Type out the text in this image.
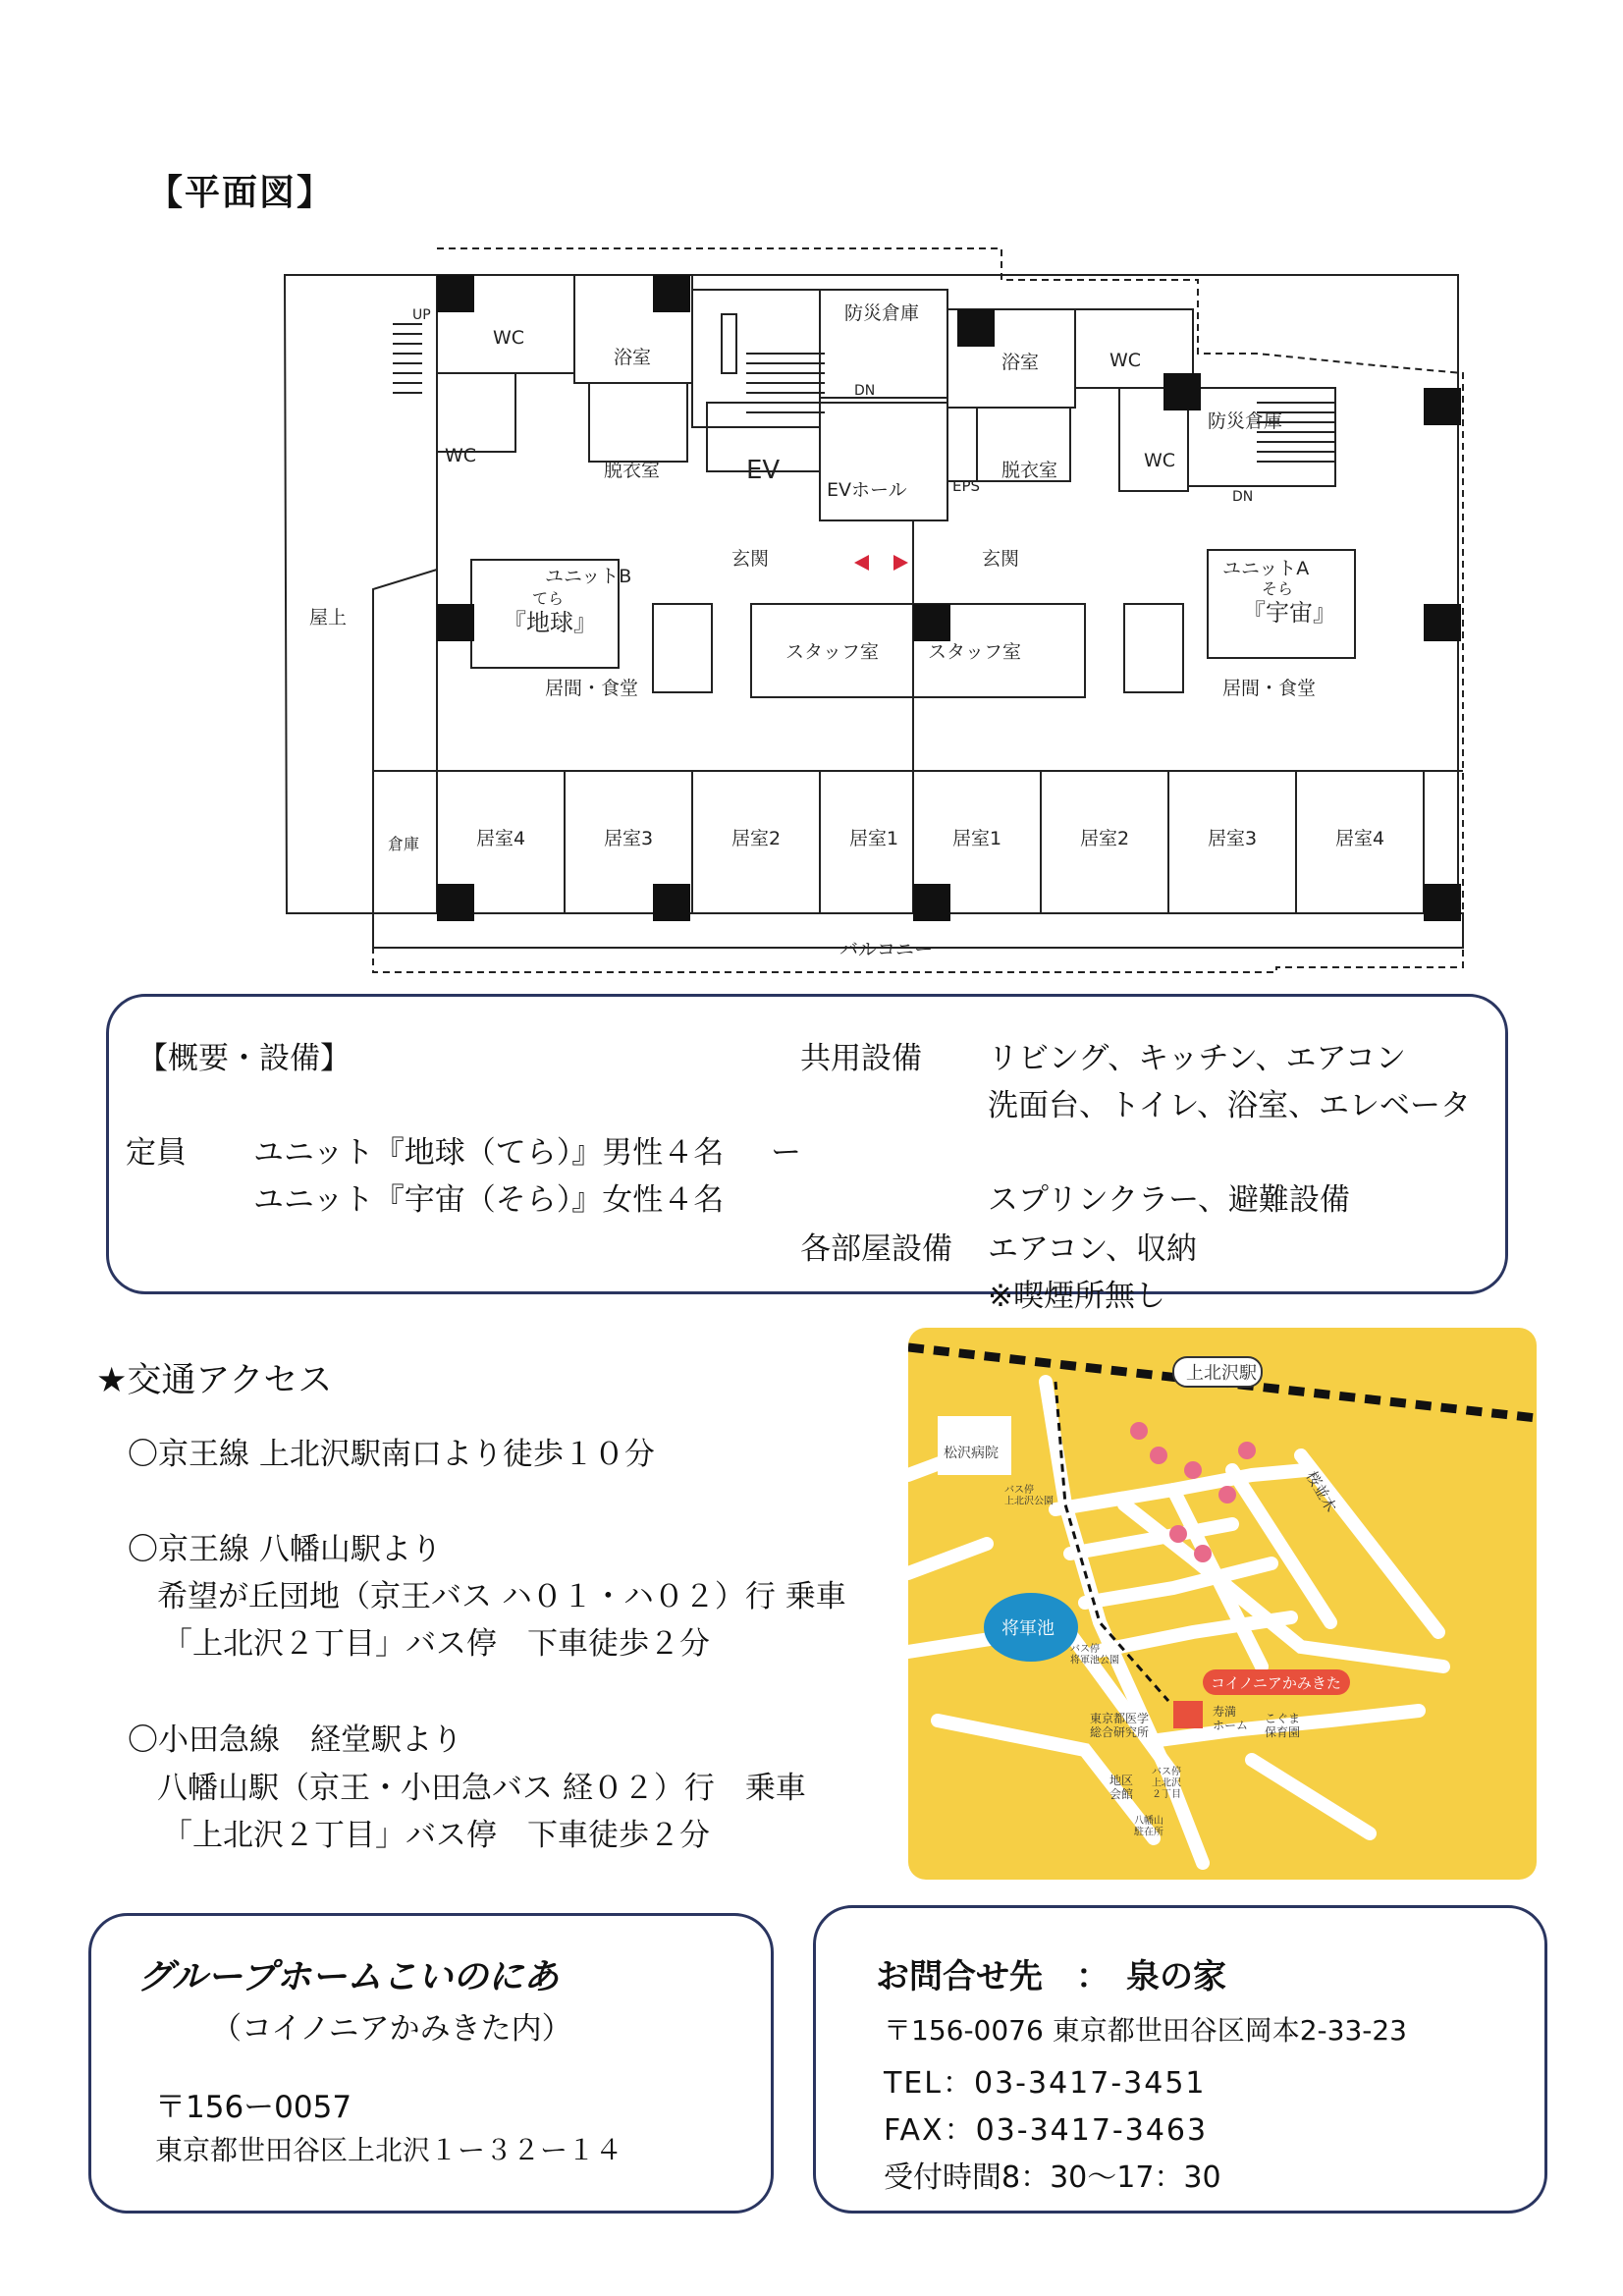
【平面図】
WC
浴室
防災倉庫
DN
UP
浴室	WC
防災倉庫
DN
WC	WC
脱衣室	脱衣室
EV
EVホール	EPS
玄関	玄関
ユニットB
てら
『地球』
ユニットA
そら
『宇宙』
スタッフ室	スタッフ室
居間・食堂	居間・食堂
屋上
倉庫	居室4	居室3	居室2	居室1	居室1	居室2	居室3	居室4
バルコニー
【概要・設備】
定員 ユニット『地球（てら）』男性４名 ー
ユニット『宇宙（そら）』女性４名
共用設備 リビング、キッチン、エアコン
洗面台、トイレ、浴室、エレベータ
スプリンクラー、避難設備
各部屋設備 エアコン、収納
※喫煙所無し
★交通アクセス
〇京王線 上北沢駅南口より徒歩１０分
〇京王線 八幡山駅より
希望が丘団地（京王バス ハ０１・ハ０２）行 乗車
「上北沢２丁目」バス停　下車徒歩２分
〇小田急線　経堂駅より
八幡山駅（京王・小田急バス 経０２）行　乗車
「上北沢２丁目」バス停　下車徒歩２分
将軍池
松沢病院
コイノニアかみきた
上北沢駅
桜並木
バス停上北沢公園
バス停将軍池公園
寿満ホーム こぐま保育園
東京都医学総合研究所
地区会館
バス停上北沢２丁目
八幡山駐在所
グループホームこいのにあ
（コイノニアかみきた内）
〒156ー0057
東京都世田谷区上北沢１ー３２ー１４
お問合せ先　：　泉の家
〒156-0076 東京都世田谷区岡本2-33-23
TEL：03-3417-3451
FAX：03-3417-3463
受付時間8：30〜17：30
